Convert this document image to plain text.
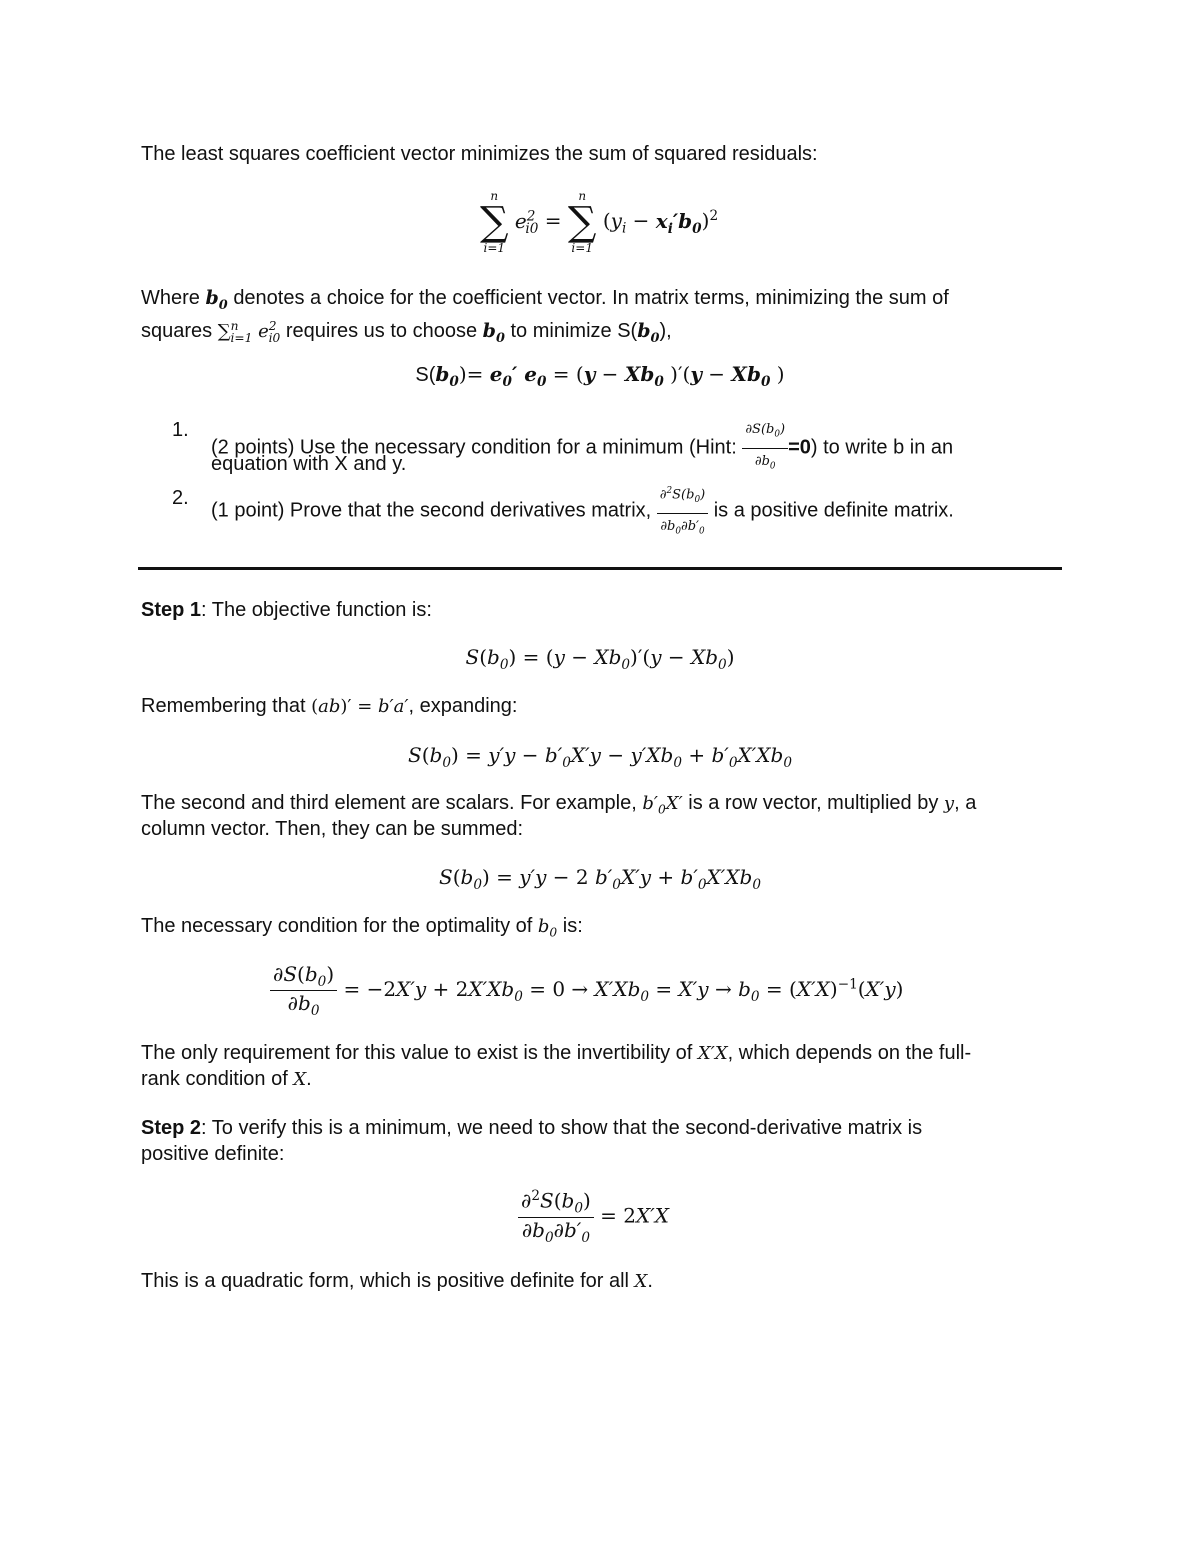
The least squares coefficient vector minimizes the sum of squared residuals:
n
∑
i=1
$e^2_{i0}$ =
n
∑
i=1
$(y_i - x_i'b_0)^2$
Where $b_0$ denotes a choice for the coefficient vector. In matrix terms, minimizing the sum of
squares ∑$^n_{i=1}$ $e^2_{i0}$ requires us to choose $b_0$ to minimize $S(b_0)$,
$S(b_0)= e_0'$ $e_0 = (y - Xb_0$ )$'(y - Xb_0$ )
1.
(2 points) Use the necessary condition for a minimum (Hint: $\frac{\partial S(b_0)}{\partial b_0} =0$) to write b in an
equation with X and y.
2.
(1 point) Prove that the second derivatives matrix, $\frac{\partial^2S(b_0)}{\partial b_0\partial b'_0}$ is a positive definite matrix.
Step 1: The objective function is:
$S(b_0) = (y - Xb_0)'(y - Xb_0)$
Remembering that (ab)′ = b′a′, expanding:
$S(b_0) = y'y - b'_0X'y - y'Xb_0 + b'_0X'Xb_0$
The second and third element are scalars. For example, $b'_0X'$ is a row vector, multiplied by y, a
column vector. Then, they can be summed:
$S(b_0) = y'y - 2$ $b'_0X'y + b'_0X'Xb_0$
The necessary condition for the optimality of $b_0$ is:
$\frac{\partial S(b_0)}{\partial b_0} = -2X'y + 2X'Xb_0 = 0 \to X'Xb_0 = X'y \to b_0 = (X'X)^{-1}(X'y)$
The only requirement for this value to exist is the invertibility of X′X, which depends on the full-
rank condition of X.
Step 2: To verify this is a minimum, we need to show that the second-derivative matrix is
positive definite:
$\frac{\partial^2S(b_0)}{\partial b_0\partial b'_0} = 2X'X$
This is a quadratic form, which is positive definite for all X.
